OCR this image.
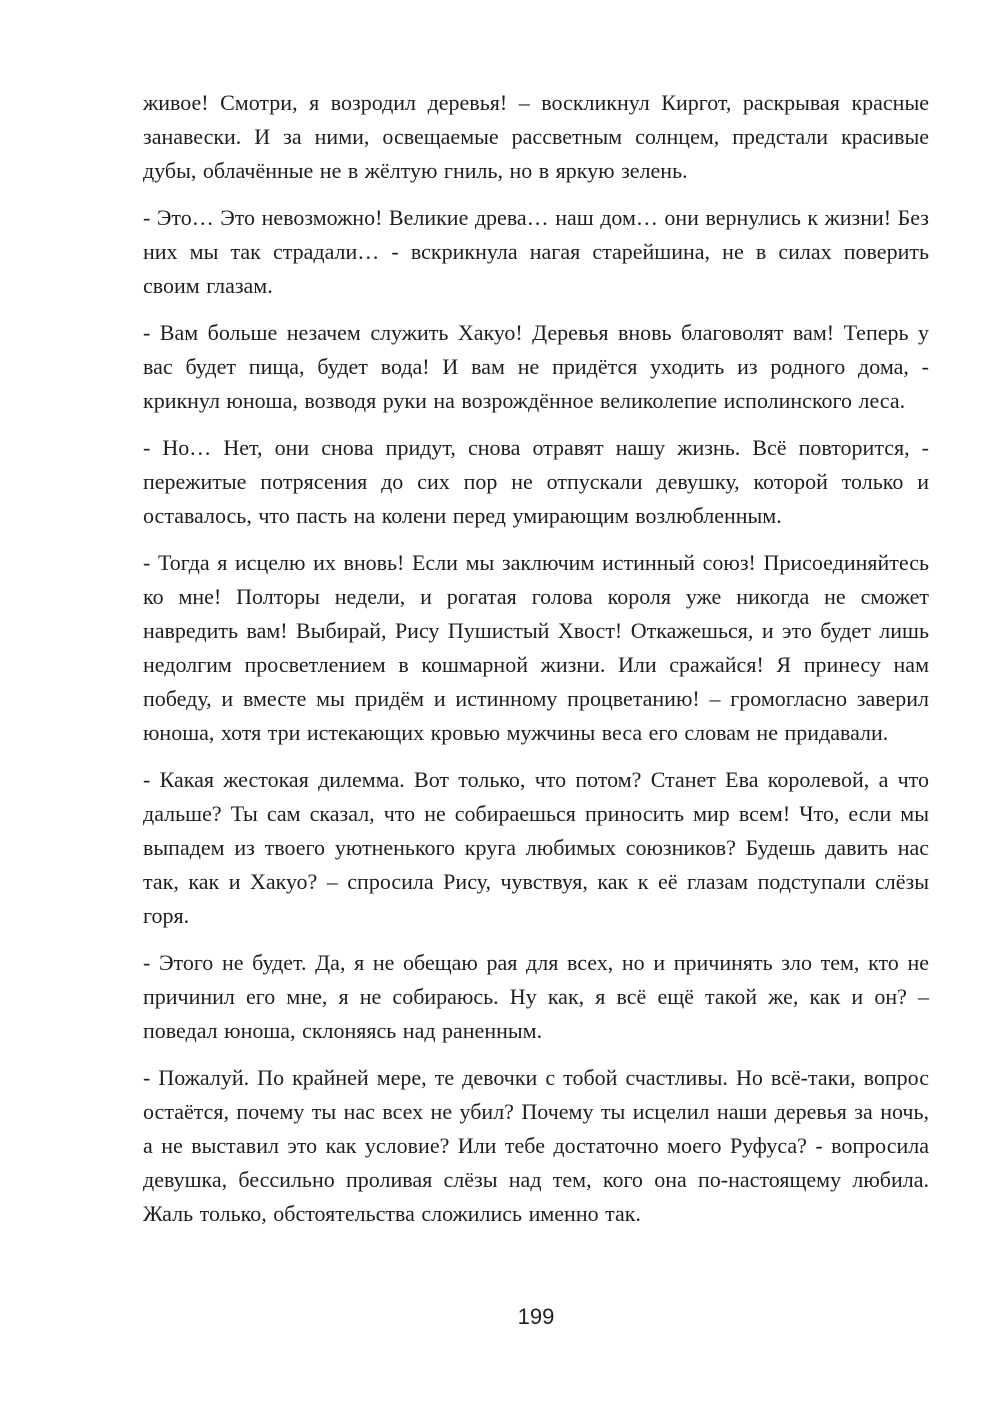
живое! Смотри, я возродил деревья! – воскликнул Киргот, раскрывая красные занавески. И за ними, освещаемые рассветным солнцем, предстали красивые дубы, облачённые не в жёлтую гниль, но в яркую зелень.

- Это… Это невозможно! Великие древа… наш дом… они вернулись к жизни! Без них мы так страдали… - вскрикнула нагая старейшина, не в силах поверить своим глазам.

- Вам больше незачем служить Хакуо! Деревья вновь благоволят вам! Теперь у вас будет пища, будет вода! И вам не придётся уходить из родного дома, - крикнул юноша, возводя руки на возрождённое великолепие исполинского леса.

- Но… Нет, они снова придут, снова отравят нашу жизнь. Всё повторится, - пережитые потрясения до сих пор не отпускали девушку, которой только и оставалось, что пасть на колени перед умирающим возлюбленным.

- Тогда я исцелю их вновь! Если мы заключим истинный союз! Присоединяйтесь ко мне! Полторы недели, и рогатая голова короля уже никогда не сможет навредить вам! Выбирай, Рису Пушистый Хвост! Откажешься, и это будет лишь недолгим просветлением в кошмарной жизни. Или сражайся! Я принесу нам победу, и вместе мы придём и истинному процветанию! – громогласно заверил юноша, хотя три истекающих кровью мужчины веса его словам не придавали.

- Какая жестокая дилемма. Вот только, что потом? Станет Ева королевой, а что дальше? Ты сам сказал, что не собираешься приносить мир всем! Что, если мы выпадем из твоего уютненького круга любимых союзников? Будешь давить нас так, как и Хакуо? – спросила Рису, чувствуя, как к её глазам подступали слёзы горя.

- Этого не будет. Да, я не обещаю рая для всех, но и причинять зло тем, кто не причинил его мне, я не собираюсь. Ну как, я всё ещё такой же, как и он? – поведал юноша, склоняясь над раненным.

- Пожалуй. По крайней мере, те девочки с тобой счастливы. Но всё-таки, вопрос остаётся, почему ты нас всех не убил? Почему ты исцелил наши деревья за ночь, а не выставил это как условие? Или тебе достаточно моего Руфуса? - вопросила девушка, бессильно проливая слёзы над тем, кого она по-настоящему любила. Жаль только, обстоятельства сложились именно так.

199
